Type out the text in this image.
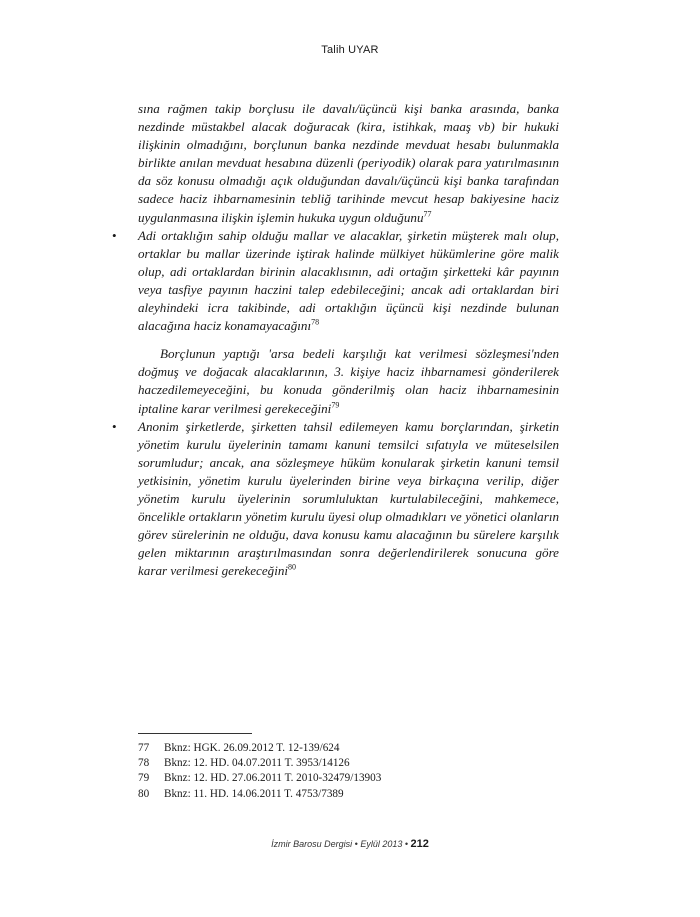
Talih UYAR

sına rağmen takip borçlusu ile davalı/üçüncü kişi banka arasında, banka nezdinde müstakbel alacak doğuracak (kira, istihkak, maaş vb) bir hukuki ilişkinin olmadığını, borçlunun banka nezdinde mevduat hesabı bulunmakla birlikte anılan mevduat hesabına düzenli (periyodik) olarak para yatırılmasının da söz konusu olmadığı açık olduğundan davalı/üçüncü kişi banka tarafından sadece haciz ihbarnamesinin tebliğ tarihinde mevcut hesap bakiyesine haciz uygulanmasına ilişkin işlemin hukuka uygun olduğunu$^{77}$

• Adi ortaklığın sahip olduğu mallar ve alacaklar, şirketin müşterek malı olup, ortaklar bu mallar üzerinde iştirak halinde mülkiyet hükümlerine göre malik olup, adi ortaklardan birinin alacaklısının, adi ortağın şirketteki kâr payının veya tasfiye payının haczini talep edebileceğini; ancak adi ortaklardan biri aleyhindeki icra takibinde, adi ortaklığın üçüncü kişi nezdinde bulunan alacağına haciz konamayacağını$^{78}$

Borçlunun yaptığı 'arsa bedeli karşılığı kat verilmesi sözleşmesi'nden doğmuş ve doğacak alacaklarının, 3. kişiye haciz ihbarnamesi gönderilerek haczedilemeyeceğini, bu konuda gönderilmiş olan haciz ihbarnamesinin iptaline karar verilmesi gerekeceğini$^{79}$

• Anonim şirketlerde, şirketten tahsil edilemeyen kamu borçlarından, şirketin yönetim kurulu üyelerinin tamamı kanuni temsilci sıfatıyla ve müteselsilen sorumludur; ancak, ana sözleşmeye hüküm konularak şirketin kanuni temsil yetkisinin, yönetim kurulu üyelerinden birine veya birkaçına verilip, diğer yönetim kurulu üyelerinin sorumluluktan kurtulabileceğini, mahkemece, öncelikle ortakların yönetim kurulu üyesi olup olmadıkları ve yönetici olanların görev sürelerinin ne olduğu, dava konusu kamu alacağının bu sürelere karşılık gelen miktarının araştırılmasından sonra değerlendirilerek sonucuna göre karar verilmesi gerekeceğini$^{80}$

77	Bknz: HGK. 26.09.2012 T. 12-139/624
78	Bknz: 12. HD. 04.07.2011 T. 3953/14126
79	Bknz: 12. HD. 27.06.2011 T. 2010-32479/13903
80	Bknz: 11. HD. 14.06.2011 T. 4753/7389
İzmir Barosu Dergisi • Eylül 2013 • 212
